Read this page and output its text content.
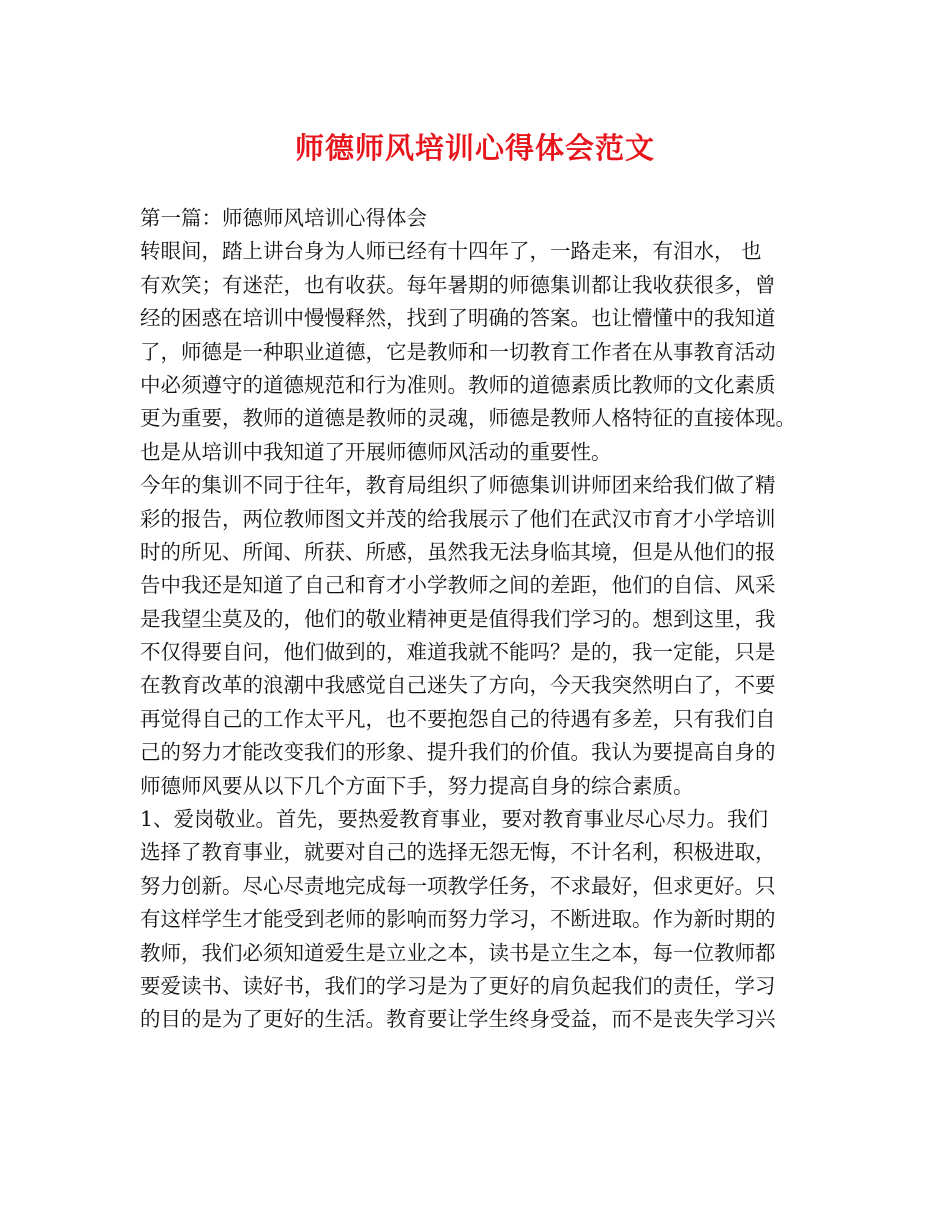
师德师风培训心得体会范文
第一篇：师德师风培训心得体会
转眼间，踏上讲台身为人师已经有十四年了，一路走来，有泪水， 也
有欢笑；有迷茫，也有收获。每年暑期的师德集训都让我收获很多，曾
经的困惑在培训中慢慢释然，找到了明确的答案。也让懵懂中的我知道
了，师德是一种职业道德，它是教师和一切教育工作者在从事教育活动
中必须遵守的道德规范和行为准则。教师的道德素质比教师的文化素质
更为重要，教师的道德是教师的灵魂，师德是教师人格特征的直接体现。
也是从培训中我知道了开展师德师风活动的重要性。
今年的集训不同于往年，教育局组织了师德集训讲师团来给我们做了精
彩的报告，两位教师图文并茂的给我展示了他们在武汉市育才小学培训
时的所见、所闻、所获、所感，虽然我无法身临其境，但是从他们的报
告中我还是知道了自己和育才小学教师之间的差距，他们的自信、风采
是我望尘莫及的，他们的敬业精神更是值得我们学习的。想到这里，我
不仅得要自问，他们做到的，难道我就不能吗？是的，我一定能，只是
在教育改革的浪潮中我感觉自己迷失了方向，今天我突然明白了，不要
再觉得自己的工作太平凡，也不要抱怨自己的待遇有多差，只有我们自
己的努力才能改变我们的形象、提升我们的价值。我认为要提高自身的
师德师风要从以下几个方面下手，努力提高自身的综合素质。
1、爱岗敬业。首先，要热爱教育事业，要对教育事业尽心尽力。我们
选择了教育事业，就要对自己的选择无怨无悔，不计名利，积极进取，
努力创新。尽心尽责地完成每一项教学任务，不求最好，但求更好。只
有这样学生才能受到老师的影响而努力学习，不断进取。作为新时期的
教师，我们必须知道爱生是立业之本，读书是立生之本，每一位教师都
要爱读书、读好书，我们的学习是为了更好的肩负起我们的责任，学习
的目的是为了更好的生活。教育要让学生终身受益，而不是丧失学习兴
